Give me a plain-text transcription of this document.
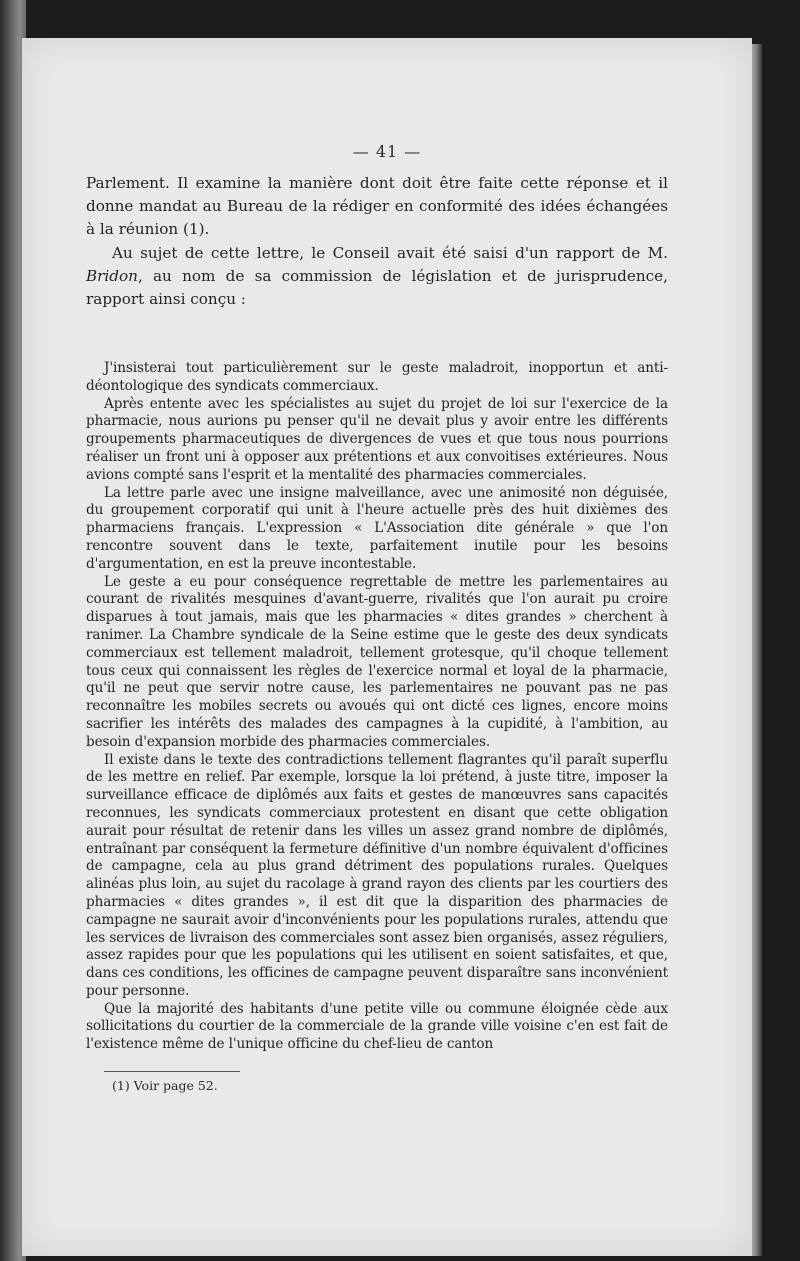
— 41 —

Parlement. Il examine la manière dont doit être faite cette réponse et il donne mandat au Bureau de la rédiger en conformité des idées échangées à la réunion (1).

Au sujet de cette lettre, le Conseil avait été saisi d'un rapport de M. Bridon, au nom de sa commission de législation et de jurisprudence, rapport ainsi conçu :

J'insisterai tout particulièrement sur le geste maladroit, inopportun et anti-déontologique des syndicats commerciaux.

Après entente avec les spécialistes au sujet du projet de loi sur l'exercice de la pharmacie, nous aurions pu penser qu'il ne devait plus y avoir entre les différents groupements pharmaceutiques de divergences de vues et que tous nous pourrions réaliser un front uni à opposer aux prétentions et aux convoitises extérieures. Nous avions compté sans l'esprit et la mentalité des pharmacies commerciales.

La lettre parle avec une insigne malveillance, avec une animosité non déguisée, du groupement corporatif qui unit à l'heure actuelle près des huit dixièmes des pharmaciens français. L'expression « L'Association dite générale » que l'on rencontre souvent dans le texte, parfaitement inutile pour les besoins d'argumentation, en est la preuve incontestable.

Le geste a eu pour conséquence regrettable de mettre les parlementaires au courant de rivalités mesquines d'avant-guerre, rivalités que l'on aurait pu croire disparues à tout jamais, mais que les pharmacies « dites grandes » cherchent à ranimer. La Chambre syndicale de la Seine estime que le geste des deux syndicats commerciaux est tellement maladroit, tellement grotesque, qu'il choque tellement tous ceux qui connaissent les règles de l'exercice normal et loyal de la pharmacie, qu'il ne peut que servir notre cause, les parlementaires ne pouvant pas ne pas reconnaître les mobiles secrets ou avoués qui ont dicté ces lignes, encore moins sacrifier les intérêts des malades des campagnes à la cupidité, à l'ambition, au besoin d'expansion morbide des pharmacies commerciales.

Il existe dans le texte des contradictions tellement flagrantes qu'il paraît superflu de les mettre en relief. Par exemple, lorsque la loi prétend, à juste titre, imposer la surveillance efficace de diplômés aux faits et gestes de manœuvres sans capacités reconnues, les syndicats commerciaux protestent en disant que cette obligation aurait pour résultat de retenir dans les villes un assez grand nombre de diplômés, entraînant par conséquent la fermeture définitive d'un nombre équivalent d'officines de campagne, cela au plus grand détriment des populations rurales. Quelques alinéas plus loin, au sujet du racolage à grand rayon des clients par les courtiers des pharmacies « dites grandes », il est dit que la disparition des pharmacies de campagne ne saurait avoir d'inconvénients pour les populations rurales, attendu que les services de livraison des commerciales sont assez bien organisés, assez réguliers, assez rapides pour que les populations qui les utilisent en soient satisfaites, et que, dans ces conditions, les officines de campagne peuvent disparaître sans inconvénient pour personne.

Que la majorité des habitants d'une petite ville ou commune éloignée cède aux sollicitations du courtier de la commerciale de la grande ville voisine c'en est fait de l'existence même de l'unique officine du chef-lieu de canton

(1) Voir page 52.
